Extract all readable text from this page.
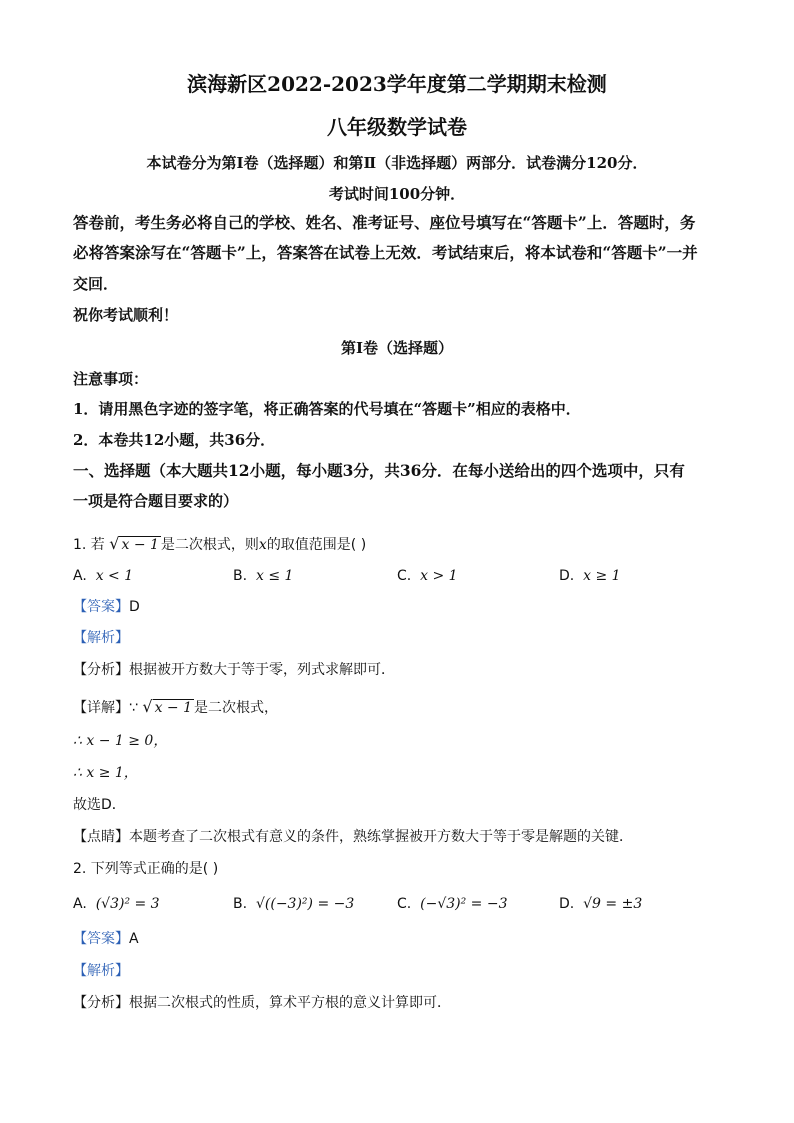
滨海新区2022-2023学年度第二学期期末检测
八年级数学试卷
本试卷分为第Ⅰ卷（选择题）和第Ⅱ（非选择题）两部分．试卷满分120分．
考试时间100分钟．
答卷前，考生务必将自己的学校、姓名、准考证号、座位号填写在“答题卡”上．答题时，务
必将答案涂写在“答题卡”上，答案答在试卷上无效．考试结束后，将本试卷和“答题卡”一并
交回．
祝你考试顺利！
第Ⅰ卷（选择题）
注意事项：
1．请用黑色字迹的签字笔，将正确答案的代号填在“答题卡”相应的表格中．
2．本卷共12小题，共36分．
一、选择题（本大题共12小题，每小题3分，共36分．在每小送给出的四个选项中，只有
一项是符合题目要求的）
1. 若 √ x − 1 是二次根式，则x的取值范围是( )
A. x < 1	B. x ≤ 1	C. x > 1	D. x ≥ 1
【答案】D
【解析】
【分析】根据被开方数大于等于零，列式求解即可．
【详解】∵ √ x − 1 是二次根式，
∴ x − 1 ≥ 0，
∴ x ≥ 1，
故选D．
【点睛】本题考查了二次根式有意义的条件，熟练掌握被开方数大于等于零是解题的关键．
2. 下列等式正确的是( )
A. (√3)² = 3	B. √((−3)²) = −3	C. (−√3)² = −3	D. √9 = ±3
【答案】A
【解析】
【分析】根据二次根式的性质，算术平方根的意义计算即可．
